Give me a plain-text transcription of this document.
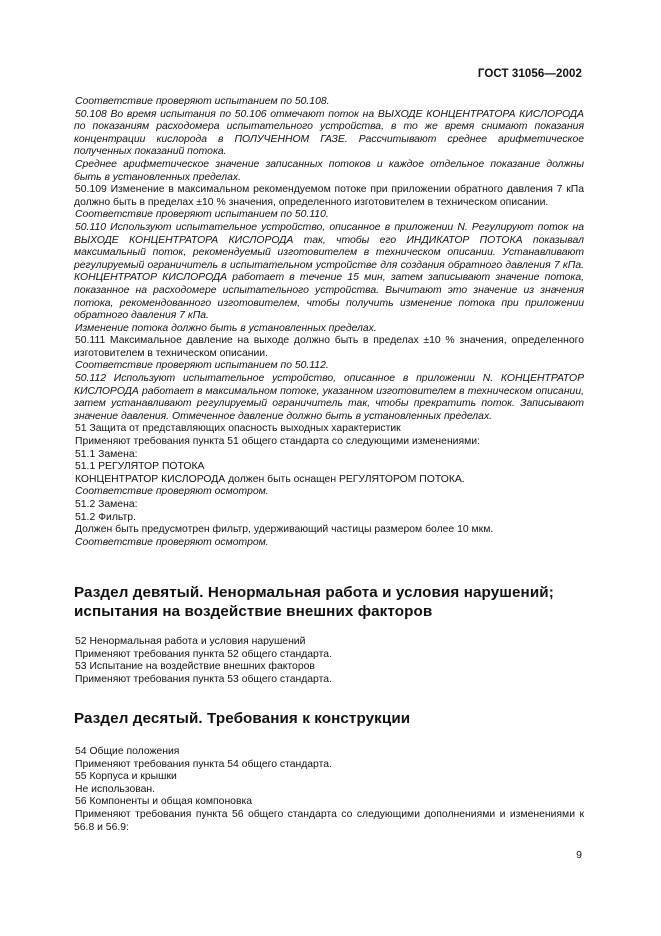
ГОСТ 31056—2002

Соответствие проверяют испытанием по 50.108.

50.108 Во время испытания по 50.106 отмечают поток на ВЫХОДЕ КОНЦЕНТРАТОРА КИСЛОРОДА по показаниям расходомера испытательного устройства, в то же время снимают показания концентрации кислорода в ПОЛУЧЕННОМ ГАЗЕ. Рассчитывают среднее арифметическое полученных показаний потока.

Среднее арифметическое значение записанных потоков и каждое отдельное показание должны быть в установленных пределах.

50.109 Изменение в максимальном рекомендуемом потоке при приложении обратного давления 7 кПа должно быть в пределах ±10 % значения, определенного изготовителем в техническом описании.

Соответствие проверяют испытанием по 50.110.

50.110 Используют испытательное устройство, описанное в приложении N. Регулируют поток на ВЫХОДЕ КОНЦЕНТРАТОРА КИСЛОРОДА так, чтобы его ИНДИКАТОР ПОТОКА показывал максимальный поток, рекомендуемый изготовителем в техническом описании. Устанавливают регулируемый ограничитель в испытательном устройстве для создания обратного давления 7 кПа. КОНЦЕНТРАТОР КИСЛОРОДА работает в течение 15 мин, затем записывают значение потока, показанное на расходомере испытательного устройства. Вычитают это значение из значения потока, рекомендованного изготовителем, чтобы получить изменение потока при приложении обратного давления 7 кПа.

Изменение потока должно быть в установленных пределах.

50.111 Максимальное давление на выходе должно быть в пределах ±10 % значения, определенного изготовителем в техническом описании.

Соответствие проверяют испытанием по 50.112.

50.112 Используют испытательное устройство, описанное в приложении N. КОНЦЕНТРАТОР КИСЛОРОДА работает в максимальном потоке, указанном изготовителем в техническом описании, затем устанавливают регулируемый ограничитель так, чтобы прекратить поток. Записывают значение давления. Отмеченное давление должно быть в установленных пределах.

51 Защита от представляющих опасность выходных характеристик

Применяют требования пункта 51 общего стандарта со следующими изменениями:

51.1 Замена:

51.1 РЕГУЛЯТОР ПОТОКА

КОНЦЕНТРАТОР КИСЛОРОДА должен быть оснащен РЕГУЛЯТОРОМ ПОТОКА.

Соответствие проверяют осмотром.

51.2 Замена:

51.2 Фильтр.

Должен быть предусмотрен фильтр, удерживающий частицы размером более 10 мкм.

Соответствие проверяют осмотром.

Раздел девятый. Ненормальная работа и условия нарушений;
испытания на воздействие внешних факторов

52 Ненормальная работа и условия нарушений

Применяют требования пункта 52 общего стандарта.

53 Испытание на воздействие внешних факторов

Применяют требования пункта 53 общего стандарта.

Раздел десятый. Требования к конструкции

54 Общие положения

Применяют требования пункта 54 общего стандарта.

55 Корпуса и крышки

Не использован.

56 Компоненты и общая компоновка

Применяют требования пункта 56 общего стандарта со следующими дополнениями и изменениями к 56.8 и 56.9:

9
